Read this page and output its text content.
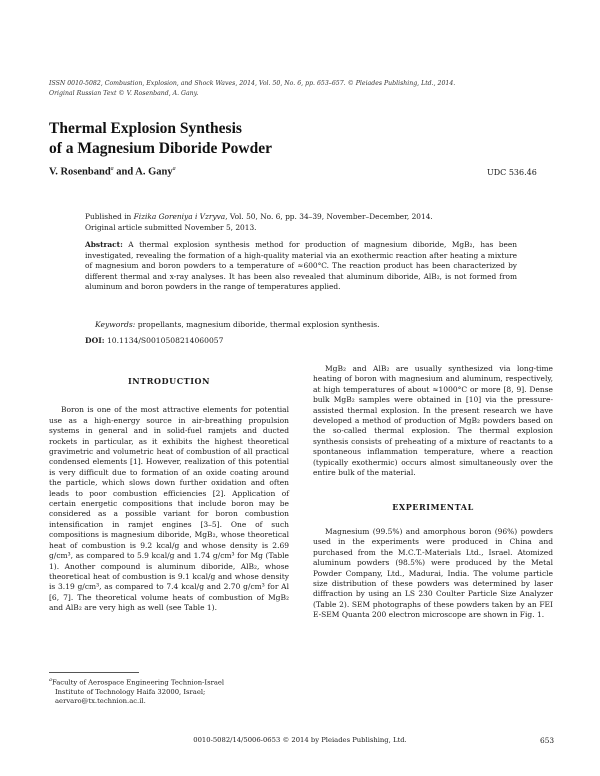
ISSN 0010-5082, Combustion, Explosion, and Shock Waves, 2014, Vol. 50, No. 6, pp. 653–657. © Pleiades Publishing, Ltd., 2014.
Original Russian Text © V. Rosenband, A. Gany.
Thermal Explosion Synthesis
of a Magnesium Diboride Powder
V. Rosenband$^a$ and A. Gany$^a$	UDC 536.46
Published in Fizika Goreniya i Vzryva, Vol. 50, No. 6, pp. 34–39, November–December, 2014.
Original article submitted November 5, 2013.
Abstract: A thermal explosion synthesis method for production of magnesium diboride, MgB₂, has been investigated, revealing the formation of a high-quality material via an exothermic reaction after heating a mixture of magnesium and boron powders to a temperature of ≈600°C. The reaction product has been characterized by different thermal and x-ray analyses. It has been also revealed that aluminum diboride, AlB₂, is not formed from aluminum and boron powders in the range of temperatures applied.
Keywords: propellants, magnesium diboride, thermal explosion synthesis.
DOI: 10.1134/S0010508214060057
INTRODUCTION

Boron is one of the most attractive elements for potential use as a high-energy source in air-breathing propulsion systems in general and in solid-fuel ramjets and ducted rockets in particular, as it exhibits the highest theoretical gravimetric and volumetric heat of combustion of all practical condensed elements [1]. However, realization of this potential is very difficult due to formation of an oxide coating around the particle, which slows down further oxidation and often leads to poor combustion efficiencies [2]. Application of certain energetic compositions that include boron may be considered as a possible variant for boron combustion intensification in ramjet engines [3–5]. One of such compositions is magnesium diboride, MgB₂, whose theoretical heat of combustion is 9.2 kcal/g and whose density is 2.69 g/cm³, as compared to 5.9 kcal/g and 1.74 g/cm³ for Mg (Table 1). Another compound is aluminum diboride, AlB₂, whose theoretical heat of combustion is 9.1 kcal/g and whose density is 3.19 g/cm³, as compared to 7.4 kcal/g and 2.70 g/cm³ for Al [6, 7]. The theoretical volume heats of combustion of MgB₂ and AlB₂ are very high as well (see Table 1).

MgB₂ and AlB₂ are usually synthesized via long-time heating of boron with magnesium and aluminum, respectively, at high temperatures of about ≈1000°C or more [8, 9]. Dense bulk MgB₂ samples were obtained in [10] via the pressure-assisted thermal explosion. In the present research we have developed a method of production of MgB₂ powders based on the so-called thermal explosion. The thermal explosion synthesis consists of preheating of a mixture of reactants to a spontaneous inflammation temperature, where a reaction (typically exothermic) occurs almost simultaneously over the entire bulk of the material.

EXPERIMENTAL

Magnesium (99.5%) and amorphous boron (96%) powders used in the experiments were produced in China and purchased from the M.C.T.-Materials Ltd., Israel. Atomized aluminum powders (98.5%) were produced by the Metal Powder Company, Ltd., Madurai, India. The volume particle size distribution of these powders was determined by laser diffraction by using an LS 230 Coulter Particle Size Analyzer (Table 2). SEM photographs of these powders taken by an FEI E-SEM Quanta 200 electron microscope are shown in Fig. 1.

$^a$Faculty of Aerospace Engineering Technion-Israel
Institute of Technology Haifa 32000, Israel;
aervaro@tx.technion.ac.il.
0010-5082/14/5006-0653 © 2014 by Pleiades Publishing, Ltd.	653
